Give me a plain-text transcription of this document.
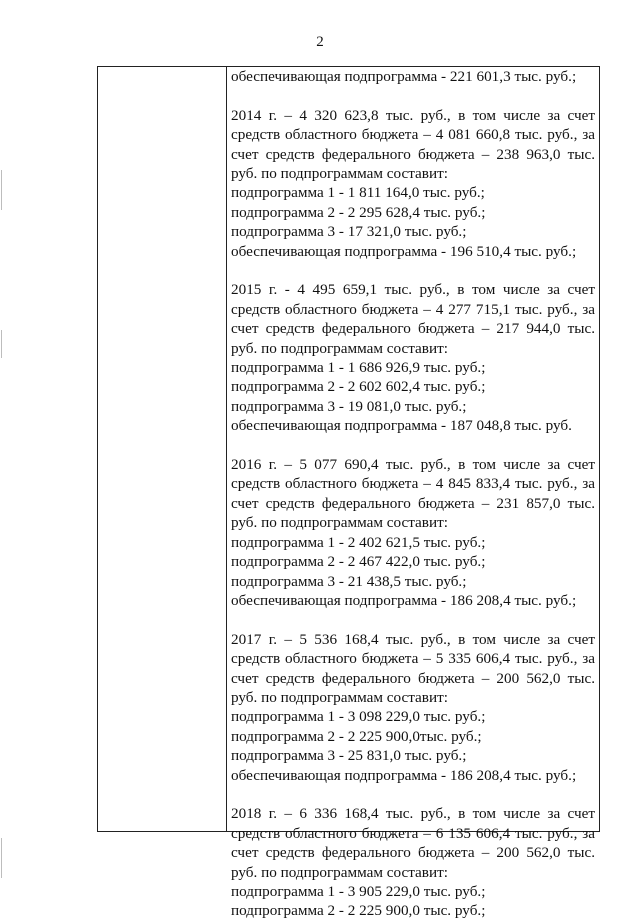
2
обеспечивающая подпрограмма - 221 601,3 тыс. руб.;
2014 г. – 4 320 623,8 тыс. руб., в том числе за счет
средств областного бюджета – 4 081 660,8 тыс. руб., за
счет средств федерального бюджета – 238 963,0 тыс.
руб. по подпрограммам составит:
подпрограмма 1 - 1 811 164,0 тыс. руб.;
подпрограмма 2 - 2 295 628,4 тыс. руб.;
подпрограмма 3 - 17 321,0 тыс. руб.;
обеспечивающая подпрограмма - 196 510,4 тыс. руб.;
2015 г. - 4 495 659,1 тыс. руб., в том числе за счет
средств областного бюджета – 4 277 715,1 тыс. руб., за
счет средств федерального бюджета – 217 944,0 тыс.
руб. по подпрограммам составит:
подпрограмма 1 - 1 686 926,9 тыс. руб.;
подпрограмма 2 - 2 602 602,4 тыс. руб.;
подпрограмма 3 - 19 081,0 тыс. руб.;
обеспечивающая подпрограмма - 187 048,8 тыс. руб.
2016 г. – 5 077 690,4 тыс. руб., в том числе за счет
средств областного бюджета – 4 845 833,4 тыс. руб., за
счет средств федерального бюджета – 231 857,0 тыс.
руб. по подпрограммам составит:
подпрограмма 1 - 2 402 621,5 тыс. руб.;
подпрограмма 2 - 2 467 422,0 тыс. руб.;
подпрограмма 3 - 21 438,5 тыс. руб.;
обеспечивающая подпрограмма - 186 208,4 тыс. руб.;
2017 г. – 5 536 168,4 тыс. руб., в том числе за счет
средств областного бюджета – 5 335 606,4 тыс. руб., за
счет средств федерального бюджета – 200 562,0 тыс.
руб. по подпрограммам составит:
подпрограмма 1 - 3 098 229,0 тыс. руб.;
подпрограмма 2 - 2 225 900,0тыс. руб.;
подпрограмма 3 - 25 831,0 тыс. руб.;
обеспечивающая подпрограмма - 186 208,4 тыс. руб.;
2018 г. – 6 336 168,4 тыс. руб., в том числе за счет
средств областного бюджета – 6 135 606,4 тыс. руб., за
счет средств федерального бюджета – 200 562,0 тыс.
руб. по подпрограммам составит:
подпрограмма 1 - 3 905 229,0 тыс. руб.;
подпрограмма 2 - 2 225 900,0 тыс. руб.;
